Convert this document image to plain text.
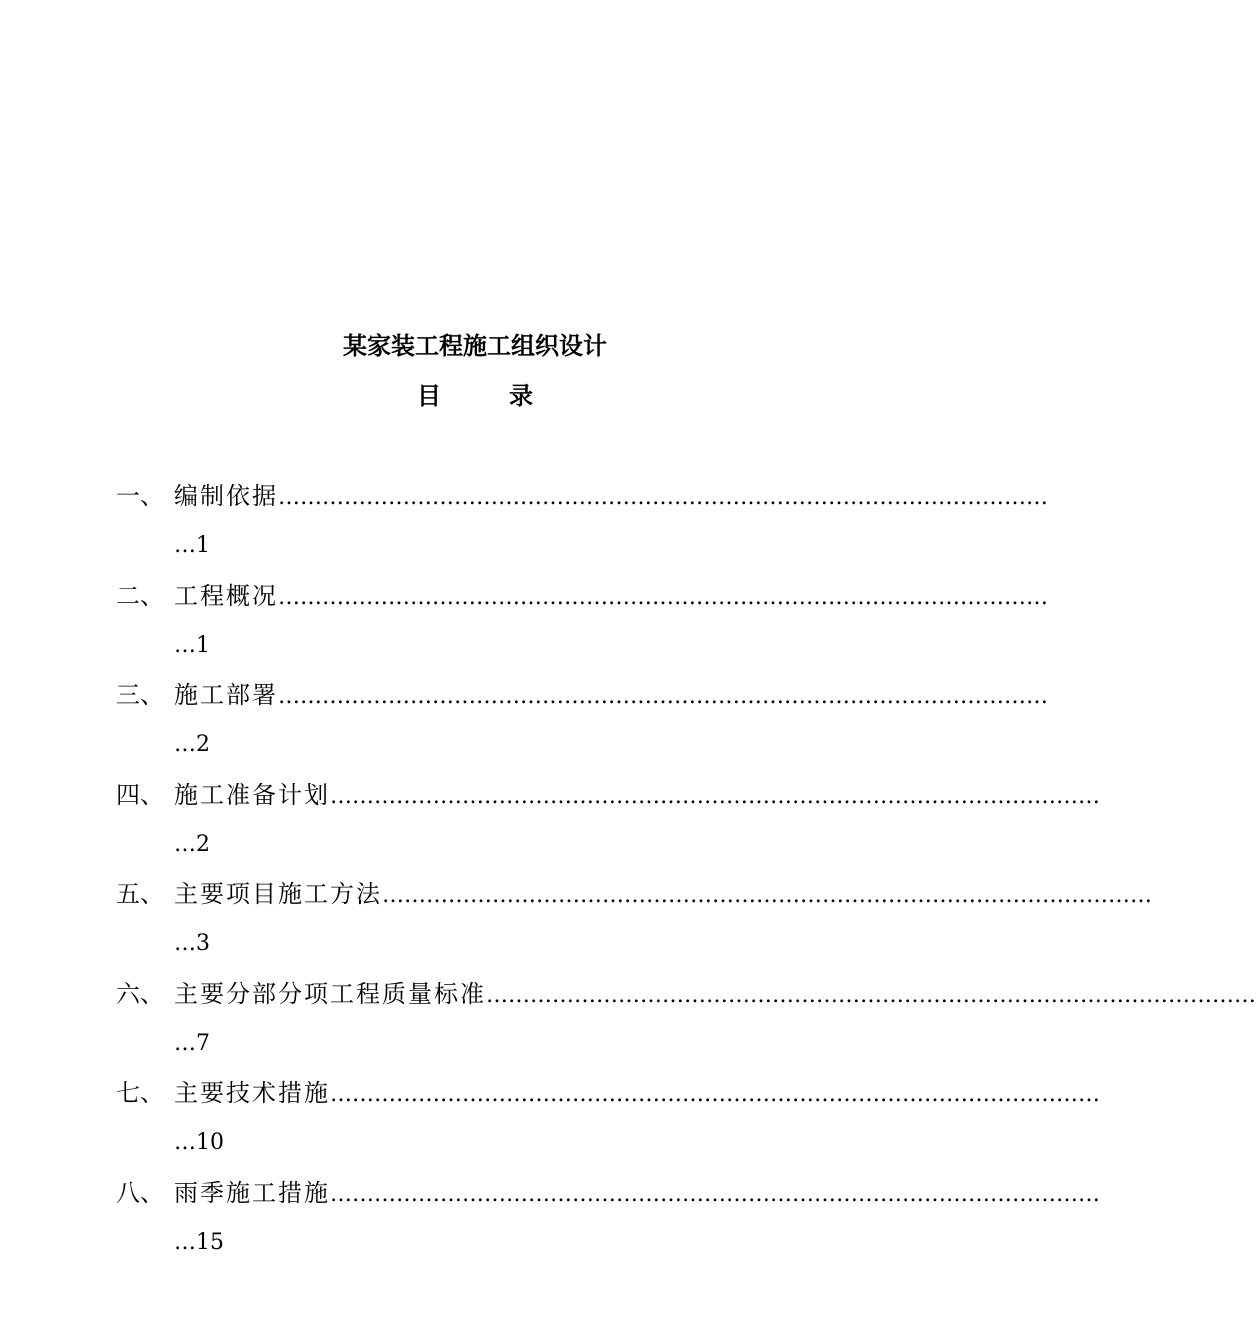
某家装工程施工组织设计
目	录
一、 编制依据 ……………………………………………………………………………………………
…1
二、 工程概况 ……………………………………………………………………………………………
…1
三、 施工部署 ……………………………………………………………………………………………
…2
四、 施工准备计划 ……………………………………………………………………………………………
…2
五、 主要项目施工方法 ……………………………………………………………………………………………
…3
六、 主要分部分项工程质量标准 ……………………………………………………………………………………………
…7
七、 主要技术措施 ……………………………………………………………………………………………
…10
八、 雨季施工措施 ……………………………………………………………………………………………
…15
